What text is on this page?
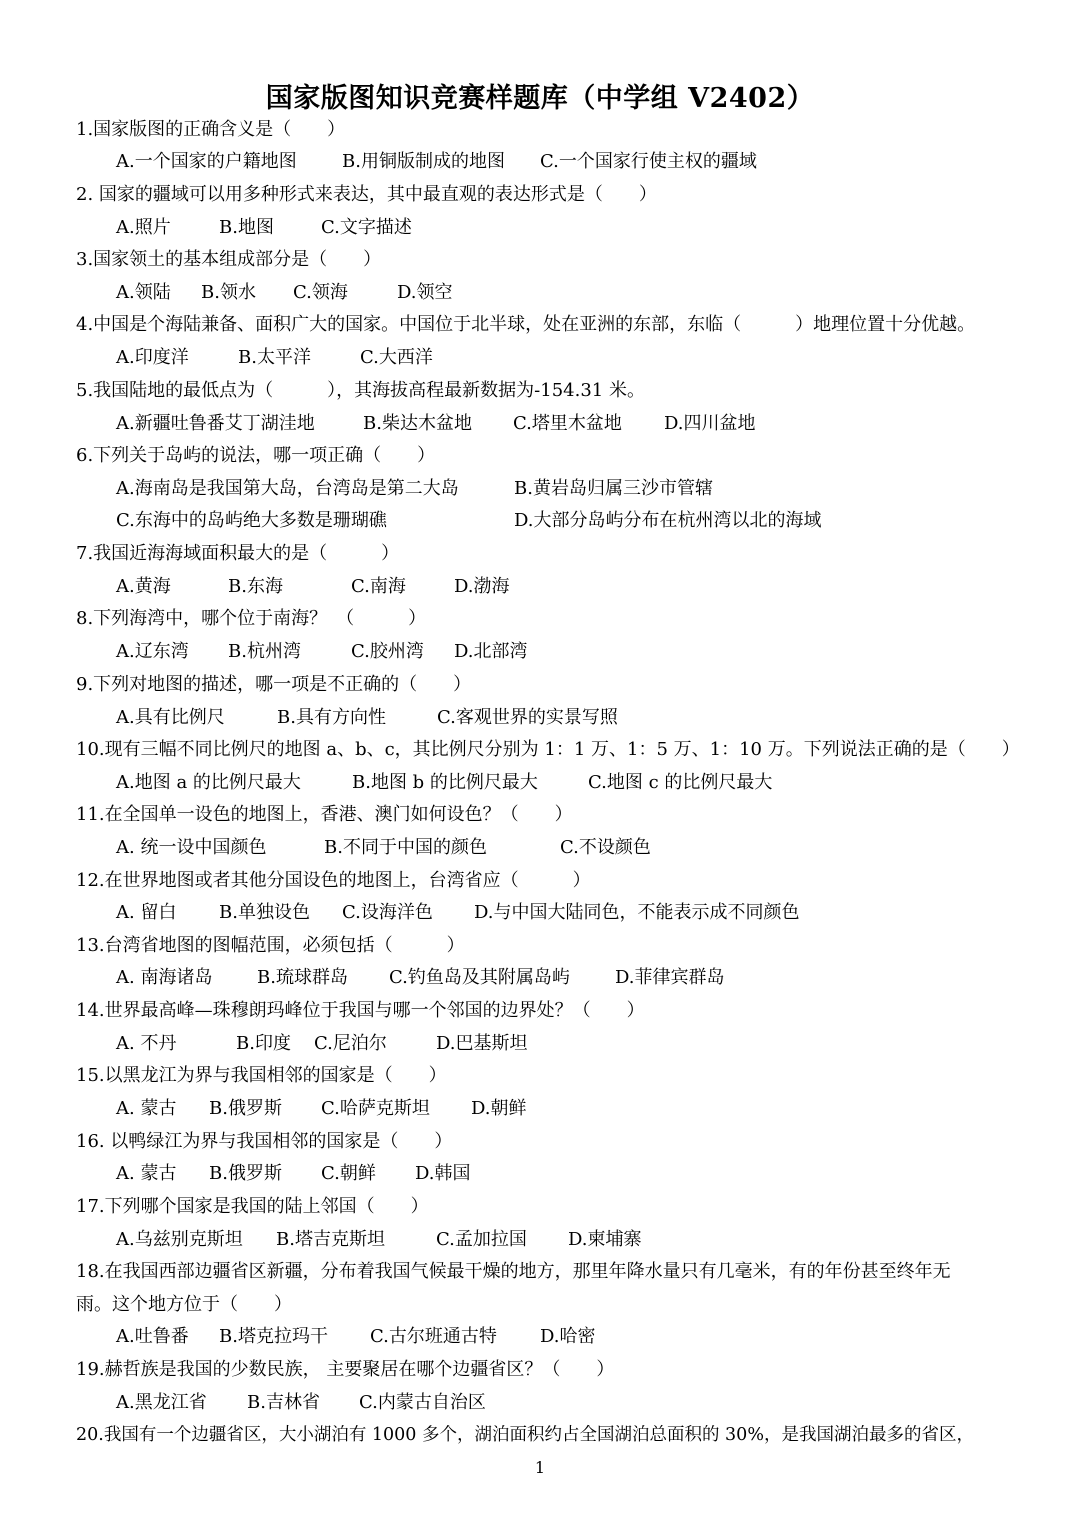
国家版图知识竞赛样题库（中学组 V2402）
1.国家版图的正确含义是（　　）
A.一个国家的户籍地图	B.用铜版制成的地图 C.一个国家行使主权的疆域
2. 国家的疆域可以用多种形式来表达，其中最直观的表达形式是（　　）
A.照片	B.地图	C.文字描述
3.国家领土的基本组成部分是（　　）
A.领陆 B.领水 C.领海	D.领空
4.中国是个海陆兼备、面积广大的国家。中国位于北半球，处在亚洲的东部，东临（　　　）地理位置十分优越。
A.印度洋	B.太平洋	C.大西洋
5.我国陆地的最低点为（　　　），其海拔高程最新数据为-154.31 米。
A.新疆吐鲁番艾丁湖洼地	B.柴达木盆地 C.塔里木盆地 D.四川盆地
6.下列关于岛屿的说法，哪一项正确（　　）
A.海南岛是我国第大岛，台湾岛是第二大岛	B.黄岩岛归属三沙市管辖
C.东海中的岛屿绝大多数是珊瑚礁	D.大部分岛屿分布在杭州湾以北的海域
7.我国近海海域面积最大的是（　　　）
A.黄海	B.东海	C.南海	D.渤海
8.下列海湾中，哪个位于南海？　（　　　）
A.辽东湾 B.杭州湾	C.胶州湾 D.北部湾
9.下列对地图的描述，哪一项是不正确的（　　）
A.具有比例尺	B.具有方向性	C.客观世界的实景写照
10.现有三幅不同比例尺的地图 a、b、c，其比例尺分别为 1：1 万、1：5 万、1：10 万。下列说法正确的是（　　）
A.地图 a 的比例尺最大	B.地图 b 的比例尺最大	C.地图 c 的比例尺最大
11.在全国单一设色的地图上，香港、澳门如何设色？（　　）
A. 统一设中国颜色	B.不同于中国的颜色	C.不设颜色
12.在世界地图或者其他分国设色的地图上，台湾省应（　　　）
A. 留白 B.单独设色 C.设海洋色 D.与中国大陆同色，不能表示成不同颜色
13.台湾省地图的图幅范围，必须包括（　　　）
A. 南海诸岛 B.琉球群岛 C.钓鱼岛及其附属岛屿	D.菲律宾群岛
14.世界最高峰—珠穆朗玛峰位于我国与哪一个邻国的边界处？（　　）
A. 不丹	B.印度 C.尼泊尔	D.巴基斯坦
15.以黑龙江为界与我国相邻的国家是（　　）
A. 蒙古 B.俄罗斯 C.哈萨克斯坦 D.朝鲜
16. 以鸭绿江为界与我国相邻的国家是（　　）
A. 蒙古 B.俄罗斯 C.朝鲜 D.韩国
17.下列哪个国家是我国的陆上邻国（　　）
A.乌兹别克斯坦 B.塔吉克斯坦	C.孟加拉国 D.柬埔寨
18.在我国西部边疆省区新疆，分布着我国气候最干燥的地方，那里年降水量只有几毫米，有的年份甚至终年无
雨。这个地方位于（　　）
A.吐鲁番 B.塔克拉玛干 C.古尔班通古特 D.哈密
19.赫哲族是我国的少数民族， 主要聚居在哪个边疆省区？（　　）
A.黑龙江省 B.吉林省 C.内蒙古自治区
20.我国有一个边疆省区，大小湖泊有 1000 多个，湖泊面积约占全国湖泊总面积的 30%，是我国湖泊最多的省区，
1
